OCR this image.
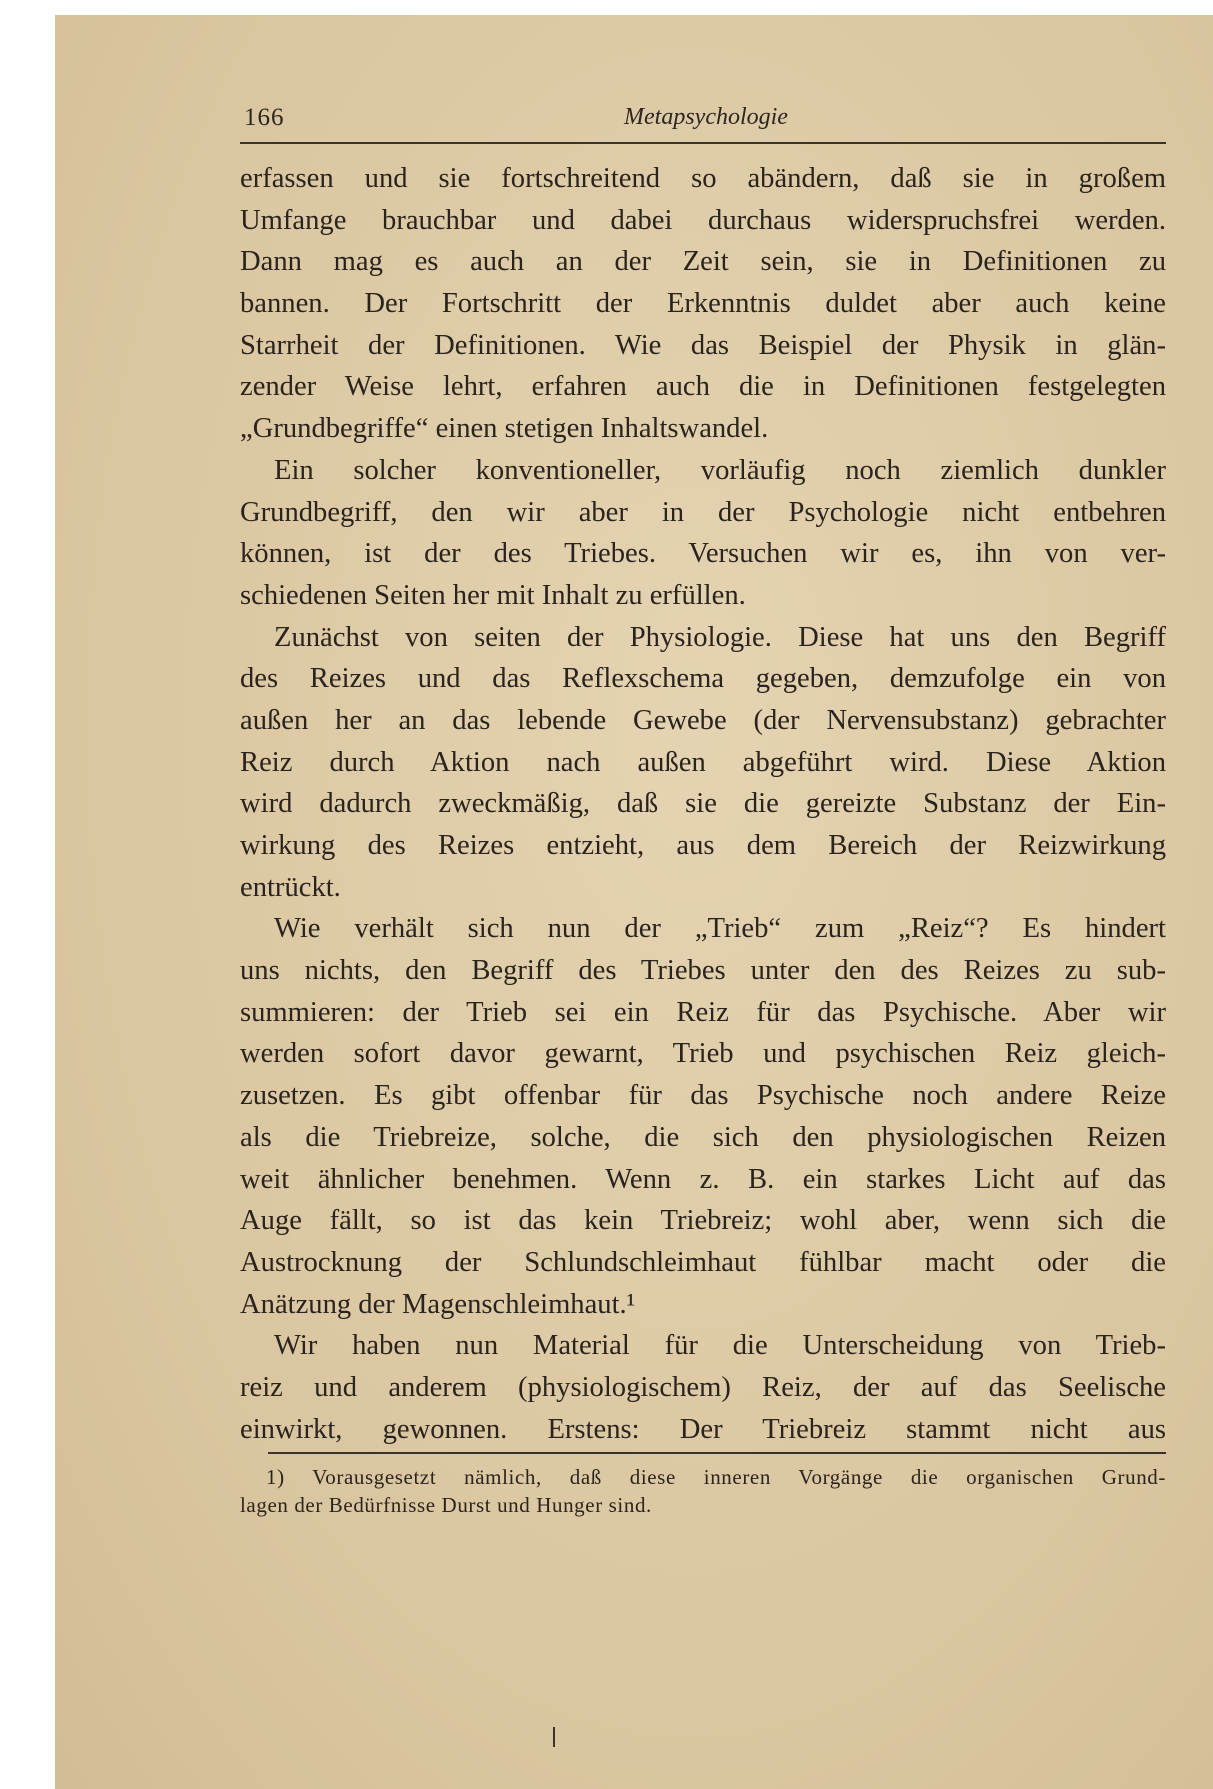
166	Metapsychologie
erfassen und sie fortschreitend so abändern, daß sie in großem
Umfange brauchbar und dabei durchaus widerspruchsfrei werden.
Dann mag es auch an der Zeit sein, sie in Definitionen zu
bannen. Der Fortschritt der Erkenntnis duldet aber auch keine
Starrheit der Definitionen. Wie das Beispiel der Physik in glän-
zender Weise lehrt, erfahren auch die in Definitionen festgelegten
„Grundbegriffe“ einen stetigen Inhaltswandel.
Ein solcher konventioneller, vorläufig noch ziemlich dunkler
Grundbegriff, den wir aber in der Psychologie nicht entbehren
können, ist der des Triebes. Versuchen wir es, ihn von ver-
schiedenen Seiten her mit Inhalt zu erfüllen.
Zunächst von seiten der Physiologie. Diese hat uns den Begriff
des Reizes und das Reflexschema gegeben, demzufolge ein von
außen her an das lebende Gewebe (der Nervensubstanz) gebrachter
Reiz durch Aktion nach außen abgeführt wird. Diese Aktion
wird dadurch zweckmäßig, daß sie die gereizte Substanz der Ein-
wirkung des Reizes entzieht, aus dem Bereich der Reizwirkung
entrückt.
Wie verhält sich nun der „Trieb“ zum „Reiz“? Es hindert
uns nichts, den Begriff des Triebes unter den des Reizes zu sub-
summieren: der Trieb sei ein Reiz für das Psychische. Aber wir
werden sofort davor gewarnt, Trieb und psychischen Reiz gleich-
zusetzen. Es gibt offenbar für das Psychische noch andere Reize
als die Triebreize, solche, die sich den physiologischen Reizen
weit ähnlicher benehmen. Wenn z. B. ein starkes Licht auf das
Auge fällt, so ist das kein Triebreiz; wohl aber, wenn sich die
Austrocknung der Schlundschleimhaut fühlbar macht oder die
Anätzung der Magenschleimhaut.¹
Wir haben nun Material für die Unterscheidung von Trieb-
reiz und anderem (physiologischem) Reiz, der auf das Seelische
einwirkt, gewonnen. Erstens: Der Triebreiz stammt nicht aus
1) Vorausgesetzt nämlich, daß diese inneren Vorgänge die organischen Grund-
lagen der Bedürfnisse Durst und Hunger sind.
